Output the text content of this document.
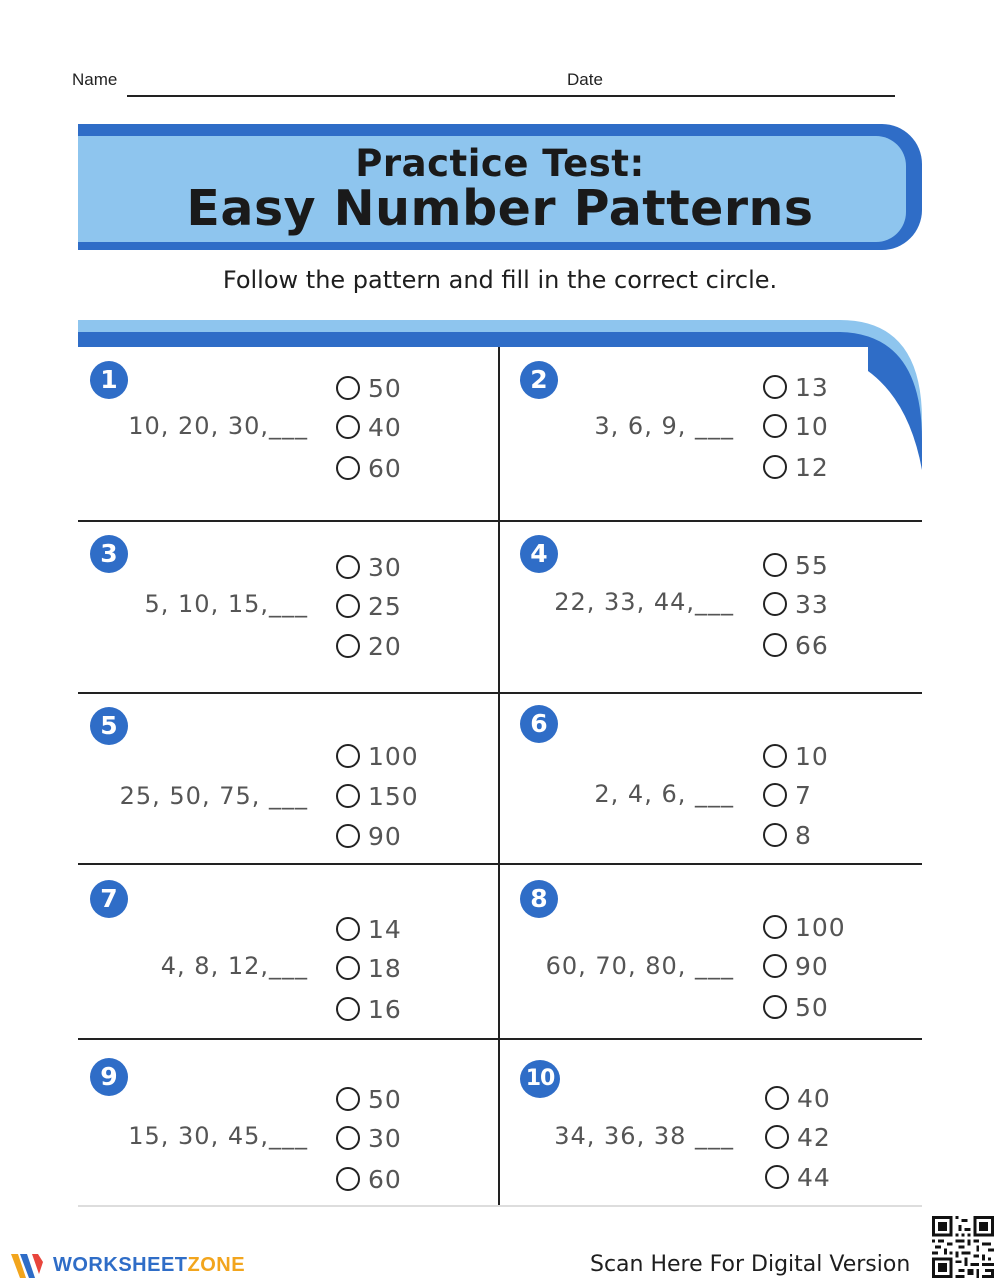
Name	Date
Practice Test:
Easy Number Patterns
Follow the pattern and fill in the correct circle.
1
10, 20, 30,___
50
40
60
2
3, 6, 9, ___
13
10
12
3
5, 10, 15,___
30
25
20
4
22, 33, 44,___
55
33
66
5
25, 50, 75, ___
100
150
90
6
2, 4, 6, ___
10
7
8
7
4, 8, 12,___
14
18
16
8
60, 70, 80, ___
100
90
50
9
15, 30, 45,___
50
30
60
10
34, 36, 38 ___
40
42
44
WORKSHEET ZONE	Scan Here For Digital Version
